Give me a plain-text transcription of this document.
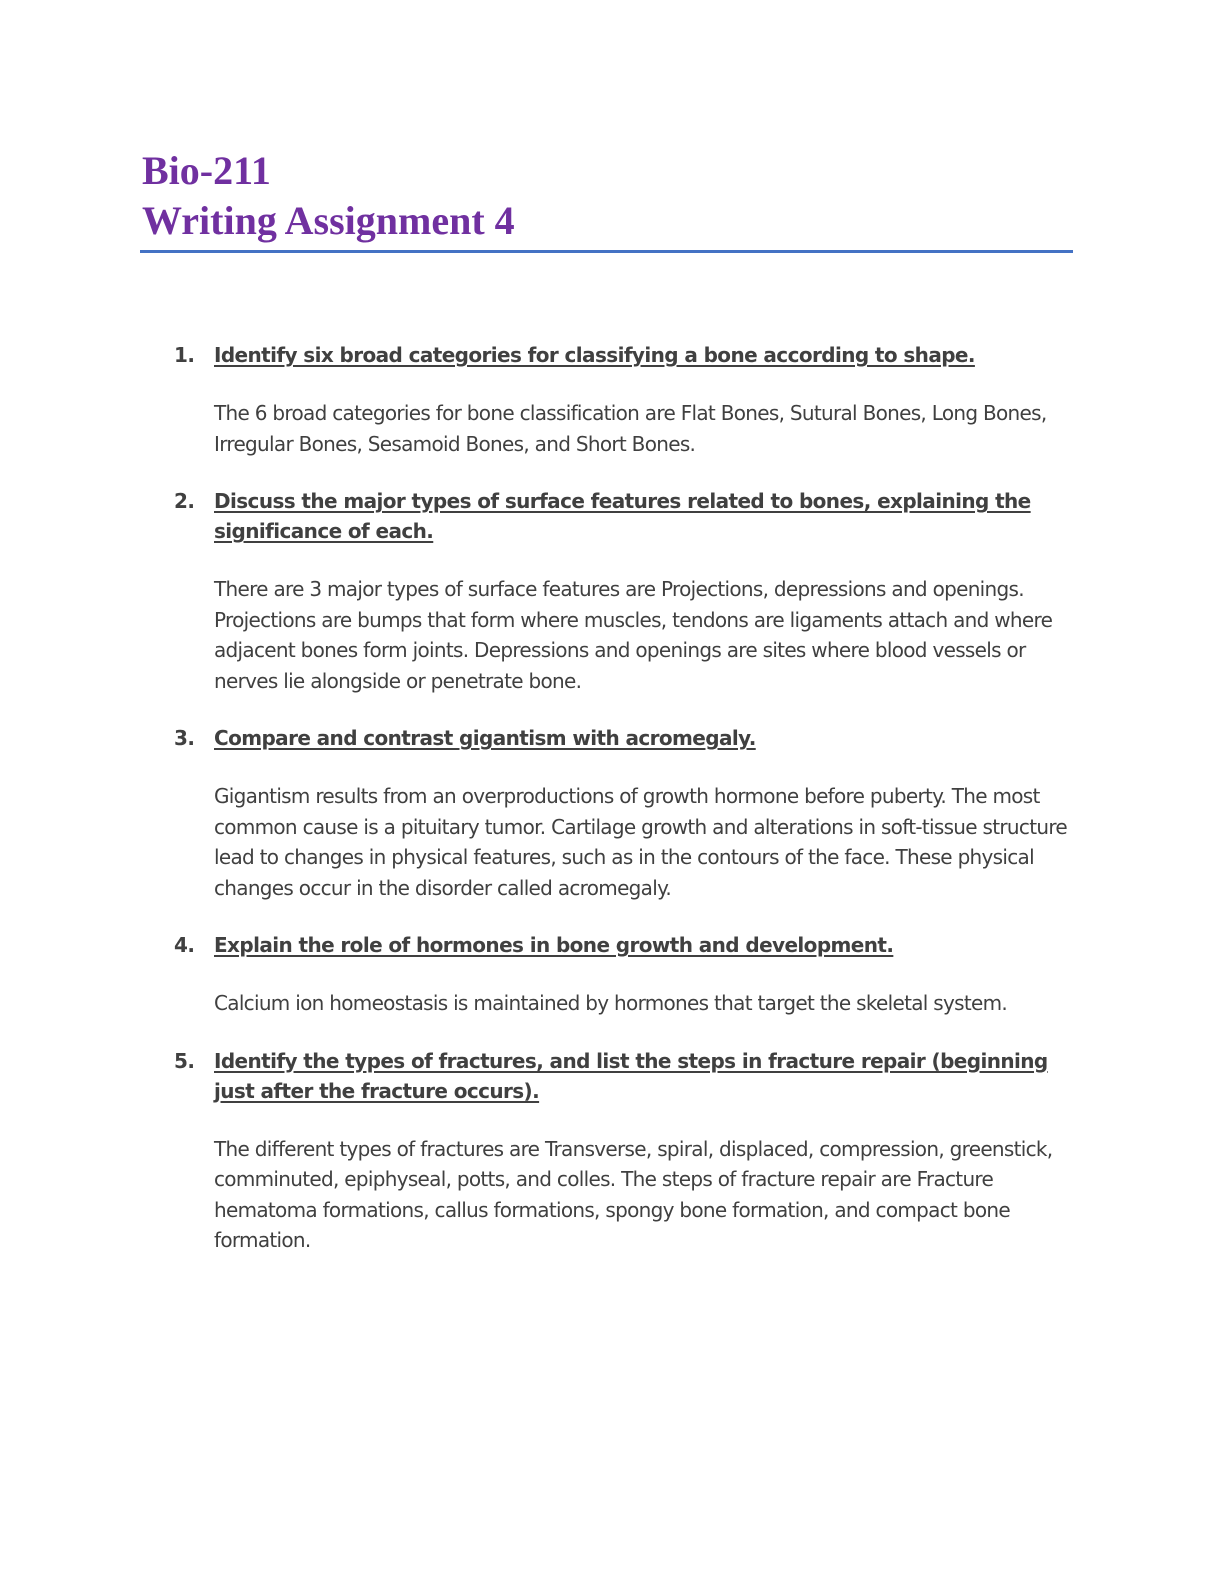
Bio-211
Writing Assignment 4
1. Identify six broad categories for classifying a bone according to shape.
The 6 broad categories for bone classification are Flat Bones, Sutural Bones, Long Bones, Irregular Bones, Sesamoid Bones, and Short Bones.
2. Discuss the major types of surface features related to bones, explaining the significance of each.
There are 3 major types of surface features are Projections, depressions and openings. Projections are bumps that form where muscles, tendons are ligaments attach and where adjacent bones form joints. Depressions and openings are sites where blood vessels or nerves lie alongside or penetrate bone.
3. Compare and contrast gigantism with acromegaly.
Gigantism results from an overproductions of growth hormone before puberty. The most common cause is a pituitary tumor. Cartilage growth and alterations in soft-tissue structure lead to changes in physical features, such as in the contours of the face. These physical changes occur in the disorder called acromegaly.
4. Explain the role of hormones in bone growth and development.
Calcium ion homeostasis is maintained by hormones that target the skeletal system.
5. Identify the types of fractures, and list the steps in fracture repair (beginning just after the fracture occurs).
The different types of fractures are Transverse, spiral, displaced, compression, greenstick, comminuted, epiphyseal, potts, and colles. The steps of fracture repair are Fracture hematoma formations, callus formations, spongy bone formation, and compact bone formation.
